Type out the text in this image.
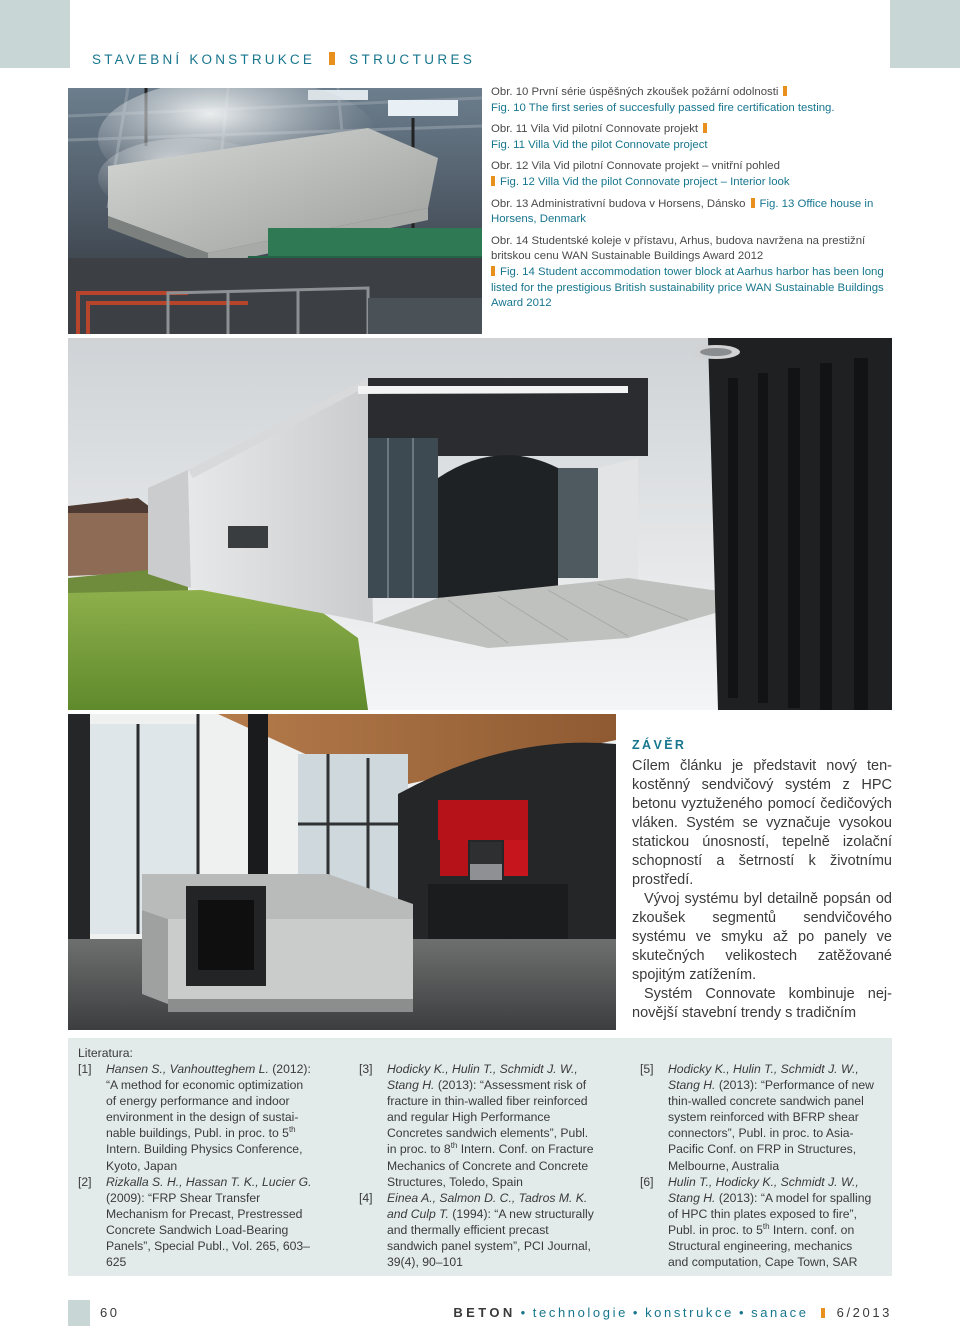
STAVEBNÍ KONSTRUKCE	STRUCTURES

Obr. 10 První série úspěšných zkoušek požární odolnosti
Fig. 10 The first series of succesfully passed fire certification testing.

Obr. 11 Vila Vid pilotní Connovate projekt
Fig. 11 Villa Vid the pilot Connovate project

Obr. 12 Vila Vid pilotní Connovate projekt – vnitřní pohled
Fig. 12 Villa Vid the pilot Connovate project – Interior look

Obr. 13 Administrativní budova v Horsens, Dánsko Fig. 13 Office house in Horsens, Denmark

Obr. 14 Studentské koleje v přístavu, Arhus, budova navržena na prestižní britskou cenu WAN Sustainable Buildings Award 2012
Fig. 14 Student accommodation tower block at Aarhus harbor has been long listed for the prestigious British sustainability price WAN Sustainable Buildings Award 2012

ZÁVĚR

Cílem článku je představit nový tenkostěnný sendvičový systém z HPC betonu vyztuženého pomocí čedičových vláken. Systém se vyznačuje vysokou statickou únosností, tepelně izolační schopností a šetrností k životnímu prostředí.

Vývoj systému byl detailně popsán od zkoušek segmentů sendvičového systému ve smyku až po panely ve skutečných velikostech zatěžované spojitým zatížením.

Systém Connovate kombinuje nejnovější stavební trendy s tradičním

Literatura:
[1]	Hansen S., Vanhoutteghem L. (2012): “A method for economic optimization of energy performance and indoor environment in the design of sustainable buildings, Publ. in proc. to 5th Intern. Building Physics Conference, Kyoto, Japan
[2]	Rizkalla S. H., Hassan T. K., Lucier G. (2009): “FRP Shear Transfer Mechanism for Precast, Prestressed Concrete Sandwich Load-Bearing Panels”, Special Publ., Vol. 265, 603–625
[3]	Hodicky K., Hulin T., Schmidt J. W., Stang H. (2013): “Assessment risk of fracture in thin-walled fiber reinforced and regular High Performance Concretes sandwich elements”, Publ. in proc. to 8th Intern. Conf. on Fracture Mechanics of Concrete and Concrete Structures, Toledo, Spain
[4]	Einea A., Salmon D. C., Tadros M. K. and Culp T. (1994): “A new structurally and thermally efficient precast sandwich panel system”, PCI Journal, 39(4), 90–101
[5]	Hodicky K., Hulin T., Schmidt J. W., Stang H. (2013): “Performance of new thin-walled concrete sandwich panel system reinforced with BFRP shear connectors”, Publ. in proc. to Asia-Pacific Conf. on FRP in Structures, Melbourne, Australia
[6]	Hulin T., Hodicky K., Schmidt J. W., Stang H. (2013): “A model for spalling of HPC thin plates exposed to fire”, Publ. in proc. to 5th Intern. conf. on Structural engineering, mechanics and computation, Cape Town, SAR
60	BETON • technologie • konstrukce • sanace 6/2013
